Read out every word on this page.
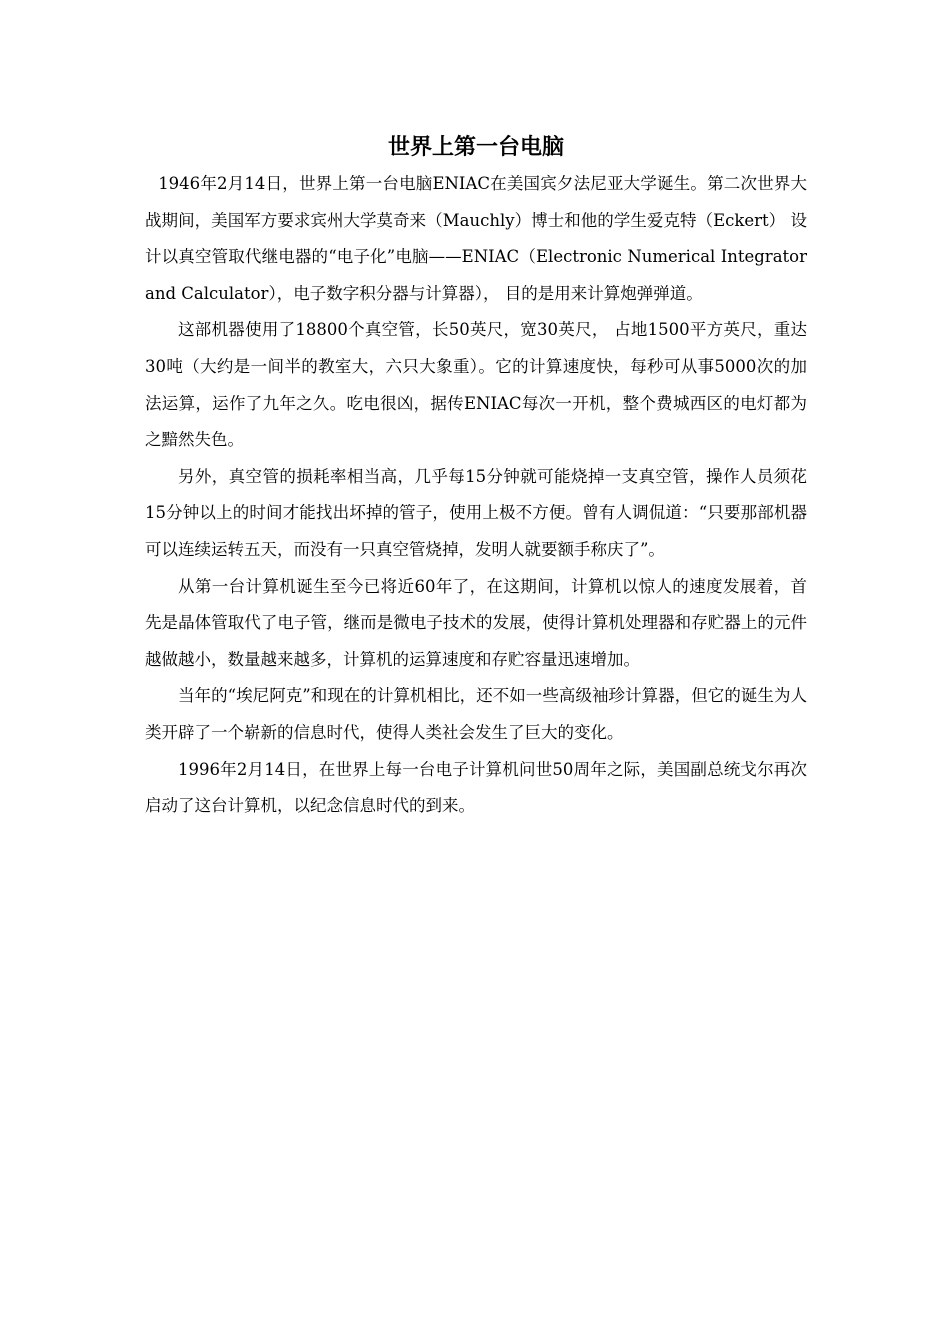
世界上第一台电脑

1946年2月14日，世界上第一台电脑ENIAC在美国宾夕法尼亚大学诞生。第二次世界大战期间，美国军方要求宾州大学莫奇来（Mauchly）博士和他的学生爱克特（Eckert） 设计以真空管取代继电器的“电子化”电脑——ENIAC（Electronic Numerical Integrator and Calculator），电子数字积分器与计算器）， 目的是用来计算炮弹弹道。

这部机器使用了18800个真空管，长50英尺，宽30英尺， 占地1500平方英尺，重达30吨（大约是一间半的教室大，六只大象重）。它的计算速度快，每秒可从事5000次的加法运算，运作了九年之久。吃电很凶，据传ENIAC每次一开机，整个费城西区的电灯都为之黯然失色。

另外，真空管的损耗率相当高，几乎每15分钟就可能烧掉一支真空管，操作人员须花15分钟以上的时间才能找出坏掉的管子，使用上极不方便。曾有人调侃道：“只要那部机器可以连续运转五天，而没有一只真空管烧掉，发明人就要额手称庆了”。

从第一台计算机诞生至今已将近60年了，在这期间，计算机以惊人的速度发展着，首先是晶体管取代了电子管，继而是微电子技术的发展，使得计算机处理器和存贮器上的元件越做越小，数量越来越多，计算机的运算速度和存贮容量迅速增加。

当年的“埃尼阿克”和现在的计算机相比，还不如一些高级袖珍计算器，但它的诞生为人类开辟了一个崭新的信息时代，使得人类社会发生了巨大的变化。

1996年2月14日，在世界上每一台电子计算机问世50周年之际，美国副总统戈尔再次启动了这台计算机，以纪念信息时代的到来。
